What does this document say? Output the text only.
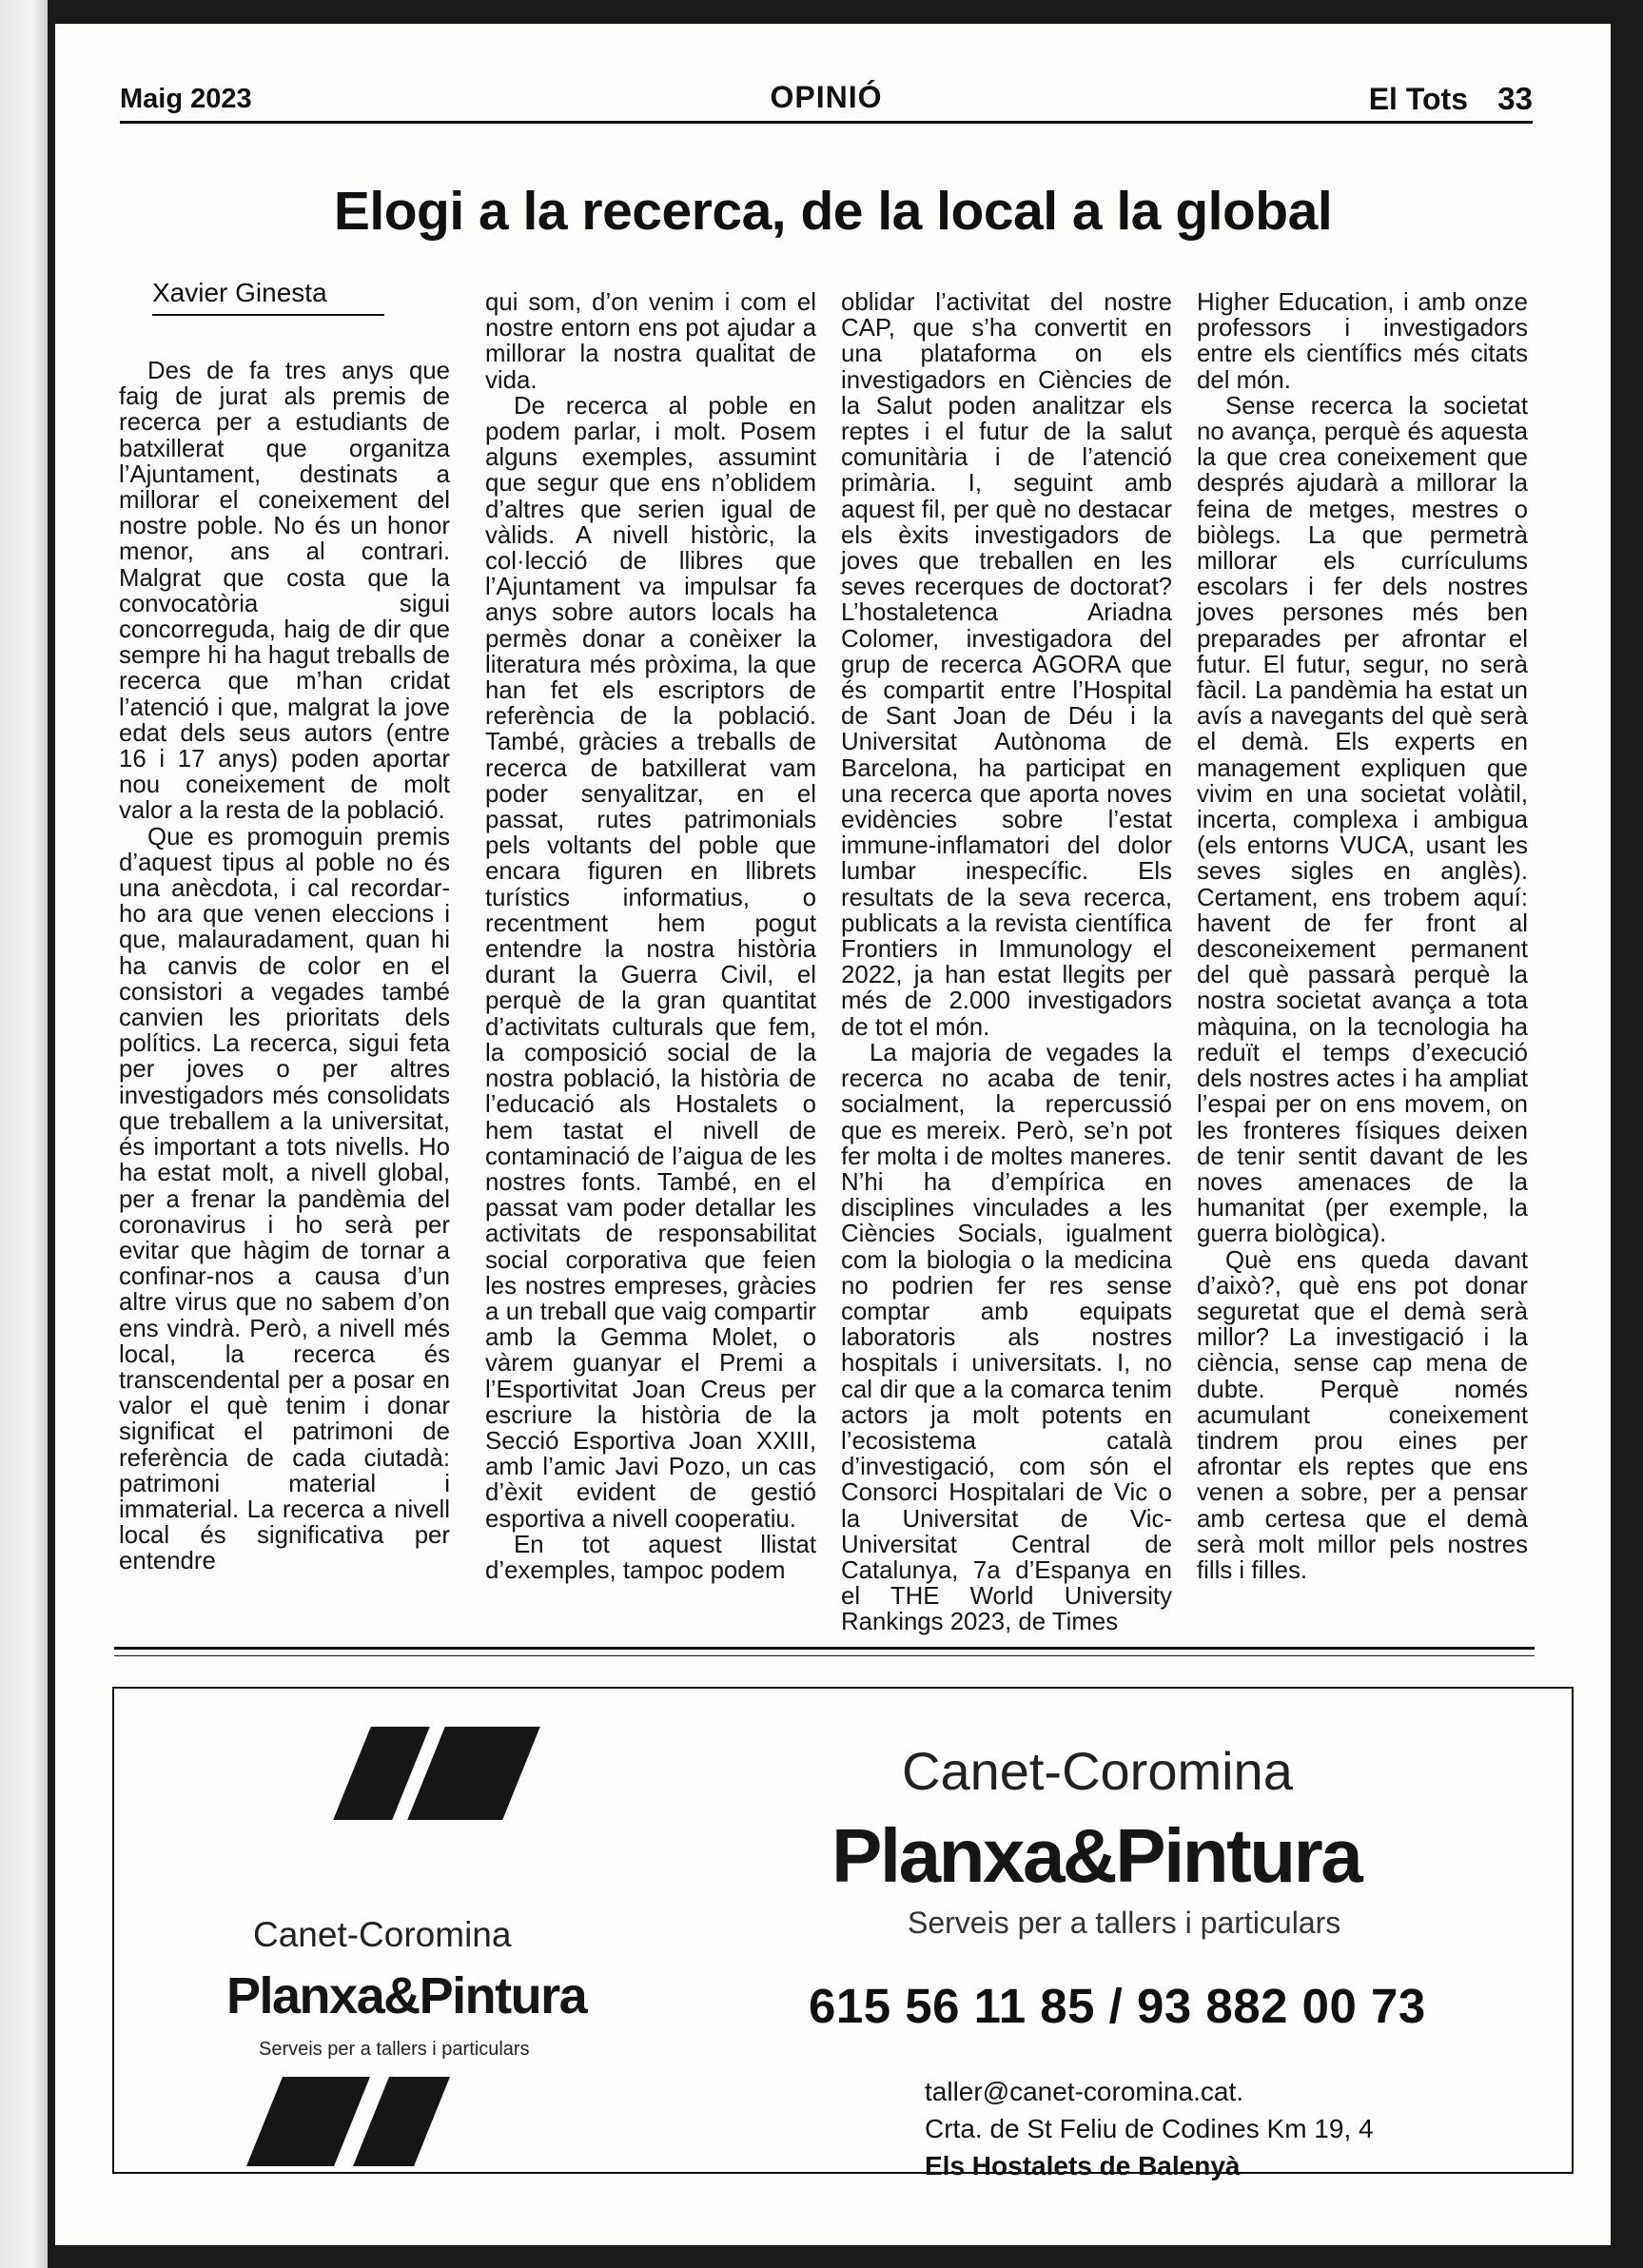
Maig 2023	OPINIÓ	El Tots 33
Elogi a la recerca, de la local a la global
Xavier Ginesta

Des de fa tres anys que faig de jurat als premis de recerca per a estudiants de batxillerat que organitza l’Ajuntament, destinats a millorar el coneixement del nostre poble. No és un honor menor, ans al contrari. Malgrat que costa que la convocatòria sigui concorreguda, haig de dir que sempre hi ha hagut treballs de recerca que m’han cridat l’atenció i que, malgrat la jove edat dels seus autors (entre 16 i 17 anys) poden aportar nou coneixement de molt valor a la resta de la població.

Que es promoguin premis d’aquest tipus al poble no és una anècdota, i cal recordar-ho ara que venen eleccions i que, malauradament, quan hi ha canvis de color en el consistori a vegades també canvien les prioritats dels polítics. La recerca, sigui feta per joves o per altres investigadors més consolidats que treballem a la universitat, és important a tots nivells. Ho ha estat molt, a nivell global, per a frenar la pandèmia del coronavirus i ho serà per evitar que hàgim de tornar a confinar-nos a causa d’un altre virus que no sabem d’on ens vindrà. Però, a nivell més local, la recerca és transcendental per a posar en valor el què tenim i donar significat el patrimoni de referència de cada ciutadà: patrimoni material i immaterial. La recerca a nivell local és significativa per entendre

qui som, d’on venim i com el nostre entorn ens pot ajudar a millorar la nostra qualitat de vida.

De recerca al poble en podem parlar, i molt. Posem alguns exemples, assumint que segur que ens n’oblidem d’altres que serien igual de vàlids. A nivell històric, la col·lecció de llibres que l’Ajuntament va impulsar fa anys sobre autors locals ha permès donar a conèixer la literatura més pròxima, la que han fet els escriptors de referència de la població. També, gràcies a treballs de recerca de batxillerat vam poder senyalitzar, en el passat, rutes patrimonials pels voltants del poble que encara figuren en llibrets turístics informatius, o recentment hem pogut entendre la nostra història durant la Guerra Civil, el perquè de la gran quantitat d’activitats culturals que fem, la composició social de la nostra població, la història de l’educació als Hostalets o hem tastat el nivell de contaminació de l’aigua de les nostres fonts. També, en el passat vam poder detallar les activitats de responsabilitat social corporativa que feien les nostres empreses, gràcies a un treball que vaig compartir amb la Gemma Molet, o vàrem guanyar el Premi a l’Esportivitat Joan Creus per escriure la història de la Secció Esportiva Joan XXIII, amb l’amic Javi Pozo, un cas d’èxit evident de gestió esportiva a nivell cooperatiu.

En tot aquest llistat d’exemples, tampoc podem

oblidar l’activitat del nostre CAP, que s’ha convertit en una plataforma on els investigadors en Ciències de la Salut poden analitzar els reptes i el futur de la salut comunitària i de l’atenció primària. I, seguint amb aquest fil, per què no destacar els èxits investigadors de joves que treballen en les seves recerques de doctorat? L’hostaletenca Ariadna Colomer, investigadora del grup de recerca AGORA que és compartit entre l’Hospital de Sant Joan de Déu i la Universitat Autònoma de Barcelona, ha participat en una recerca que aporta noves evidències sobre l’estat immune-inflamatori del dolor lumbar inespecífic. Els resultats de la seva recerca, publicats a la revista científica Frontiers in Immunology el 2022, ja han estat llegits per més de 2.000 investigadors de tot el món.

La majoria de vegades la recerca no acaba de tenir, socialment, la repercussió que es mereix. Però, se’n pot fer molta i de moltes maneres. N’hi ha d’empírica en disciplines vinculades a les Ciències Socials, igualment com la biologia o la medicina no podrien fer res sense comptar amb equipats laboratoris als nostres hospitals i universitats. I, no cal dir que a la comarca tenim actors ja molt potents en l’ecosistema català d’investigació, com són el Consorci Hospitalari de Vic o la Universitat de Vic-Universitat Central de Catalunya, 7a d’Espanya en el THE World University Rankings 2023, de Times

Higher Education, i amb onze professors i investigadors entre els científics més citats del món.

Sense recerca la societat no avança, perquè és aquesta la que crea coneixement que després ajudarà a millorar la feina de metges, mestres o biòlegs. La que permetrà millorar els currículums escolars i fer dels nostres joves persones més ben preparades per afrontar el futur. El futur, segur, no serà fàcil. La pandèmia ha estat un avís a navegants del què serà el demà. Els experts en management expliquen que vivim en una societat volàtil, incerta, complexa i ambigua (els entorns VUCA, usant les seves sigles en anglès). Certament, ens trobem aquí: havent de fer front al desconeixement permanent del què passarà perquè la nostra societat avança a tota màquina, on la tecnologia ha reduït el temps d’execució dels nostres actes i ha ampliat l’espai per on ens movem, on les fronteres físiques deixen de tenir sentit davant de les noves amenaces de la humanitat (per exemple, la guerra biològica).

Què ens queda davant d’això?, què ens pot donar seguretat que el demà serà millor? La investigació i la ciència, sense cap mena de dubte. Perquè només acumulant coneixement tindrem prou eines per afrontar els reptes que ens venen a sobre, per a pensar amb certesa que el demà serà molt millor pels nostres fills i filles.

Canet-Coromina
Planxa&Pintura
Serveis per a tallers i particulars
Canet-Coromina
Planxa&Pintura
Serveis per a tallers i particulars
615 56 11 85 / 93 882 00 73
taller@canet-coromina.cat.
Crta. de St Feliu de Codines Km 19, 4
Els Hostalets de Balenyà
